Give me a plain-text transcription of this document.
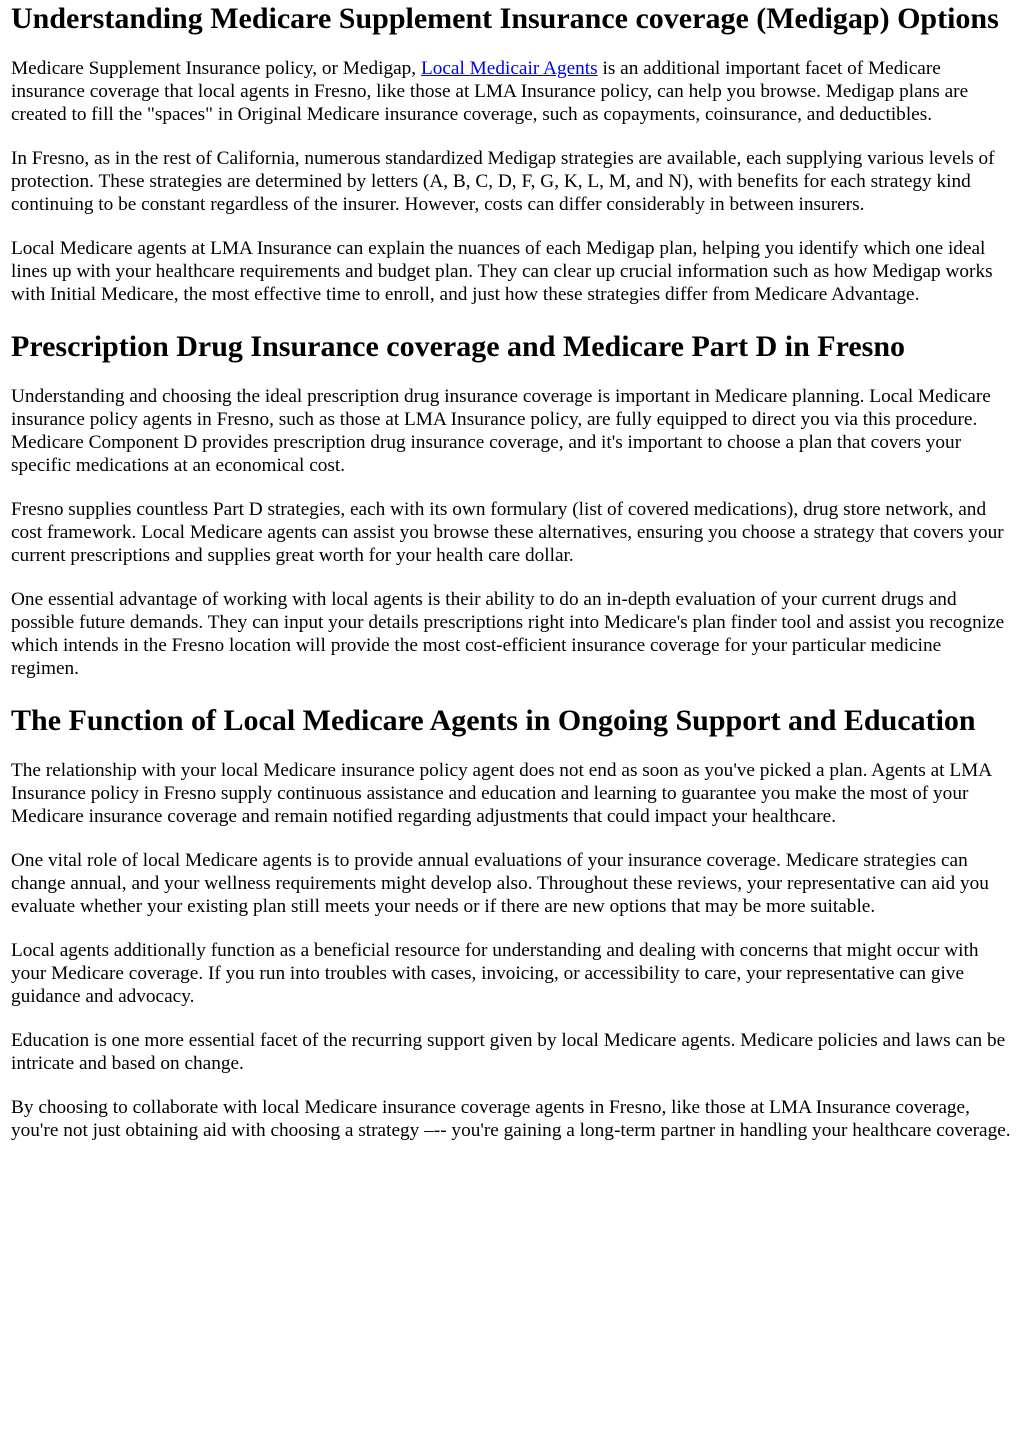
Understanding Medicare Supplement Insurance coverage (Medigap) Options

Medicare Supplement Insurance policy, or Medigap, Local Medicair Agents is an additional important facet of Medicare insurance coverage that local agents in Fresno, like those at LMA Insurance policy, can help you browse. Medigap plans are created to fill the "spaces" in Original Medicare insurance coverage, such as copayments, coinsurance, and deductibles.

In Fresno, as in the rest of California, numerous standardized Medigap strategies are available, each supplying various levels of protection. These strategies are determined by letters (A, B, C, D, F, G, K, L, M, and N), with benefits for each strategy kind continuing to be constant regardless of the insurer. However, costs can differ considerably in between insurers.

Local Medicare agents at LMA Insurance can explain the nuances of each Medigap plan, helping you identify which one ideal lines up with your healthcare requirements and budget plan. They can clear up crucial information such as how Medigap works with Initial Medicare, the most effective time to enroll, and just how these strategies differ from Medicare Advantage.

Prescription Drug Insurance coverage and Medicare Part D in Fresno

Understanding and choosing the ideal prescription drug insurance coverage is important in Medicare planning. Local Medicare insurance policy agents in Fresno, such as those at LMA Insurance policy, are fully equipped to direct you via this procedure. Medicare Component D provides prescription drug insurance coverage, and it's important to choose a plan that covers your specific medications at an economical cost.

Fresno supplies countless Part D strategies, each with its own formulary (list of covered medications), drug store network, and cost framework. Local Medicare agents can assist you browse these alternatives, ensuring you choose a strategy that covers your current prescriptions and supplies great worth for your health care dollar.

One essential advantage of working with local agents is their ability to do an in-depth evaluation of your current drugs and possible future demands. They can input your details prescriptions right into Medicare's plan finder tool and assist you recognize which intends in the Fresno location will provide the most cost-efficient insurance coverage for your particular medicine regimen.

The Function of Local Medicare Agents in Ongoing Support and Education

The relationship with your local Medicare insurance policy agent does not end as soon as you've picked a plan. Agents at LMA Insurance policy in Fresno supply continuous assistance and education and learning to guarantee you make the most of your Medicare insurance coverage and remain notified regarding adjustments that could impact your healthcare.

One vital role of local Medicare agents is to provide annual evaluations of your insurance coverage. Medicare strategies can change annual, and your wellness requirements might develop also. Throughout these reviews, your representative can aid you evaluate whether your existing plan still meets your needs or if there are new options that may be more suitable.

Local agents additionally function as a beneficial resource for understanding and dealing with concerns that might occur with your Medicare coverage. If you run into troubles with cases, invoicing, or accessibility to care, your representative can give guidance and advocacy.

Education is one more essential facet of the recurring support given by local Medicare agents. Medicare policies and laws can be intricate and based on change.

By choosing to collaborate with local Medicare insurance coverage agents in Fresno, like those at LMA Insurance coverage, you're not just obtaining aid with choosing a strategy –-- you're gaining a long-term partner in handling your healthcare coverage.
